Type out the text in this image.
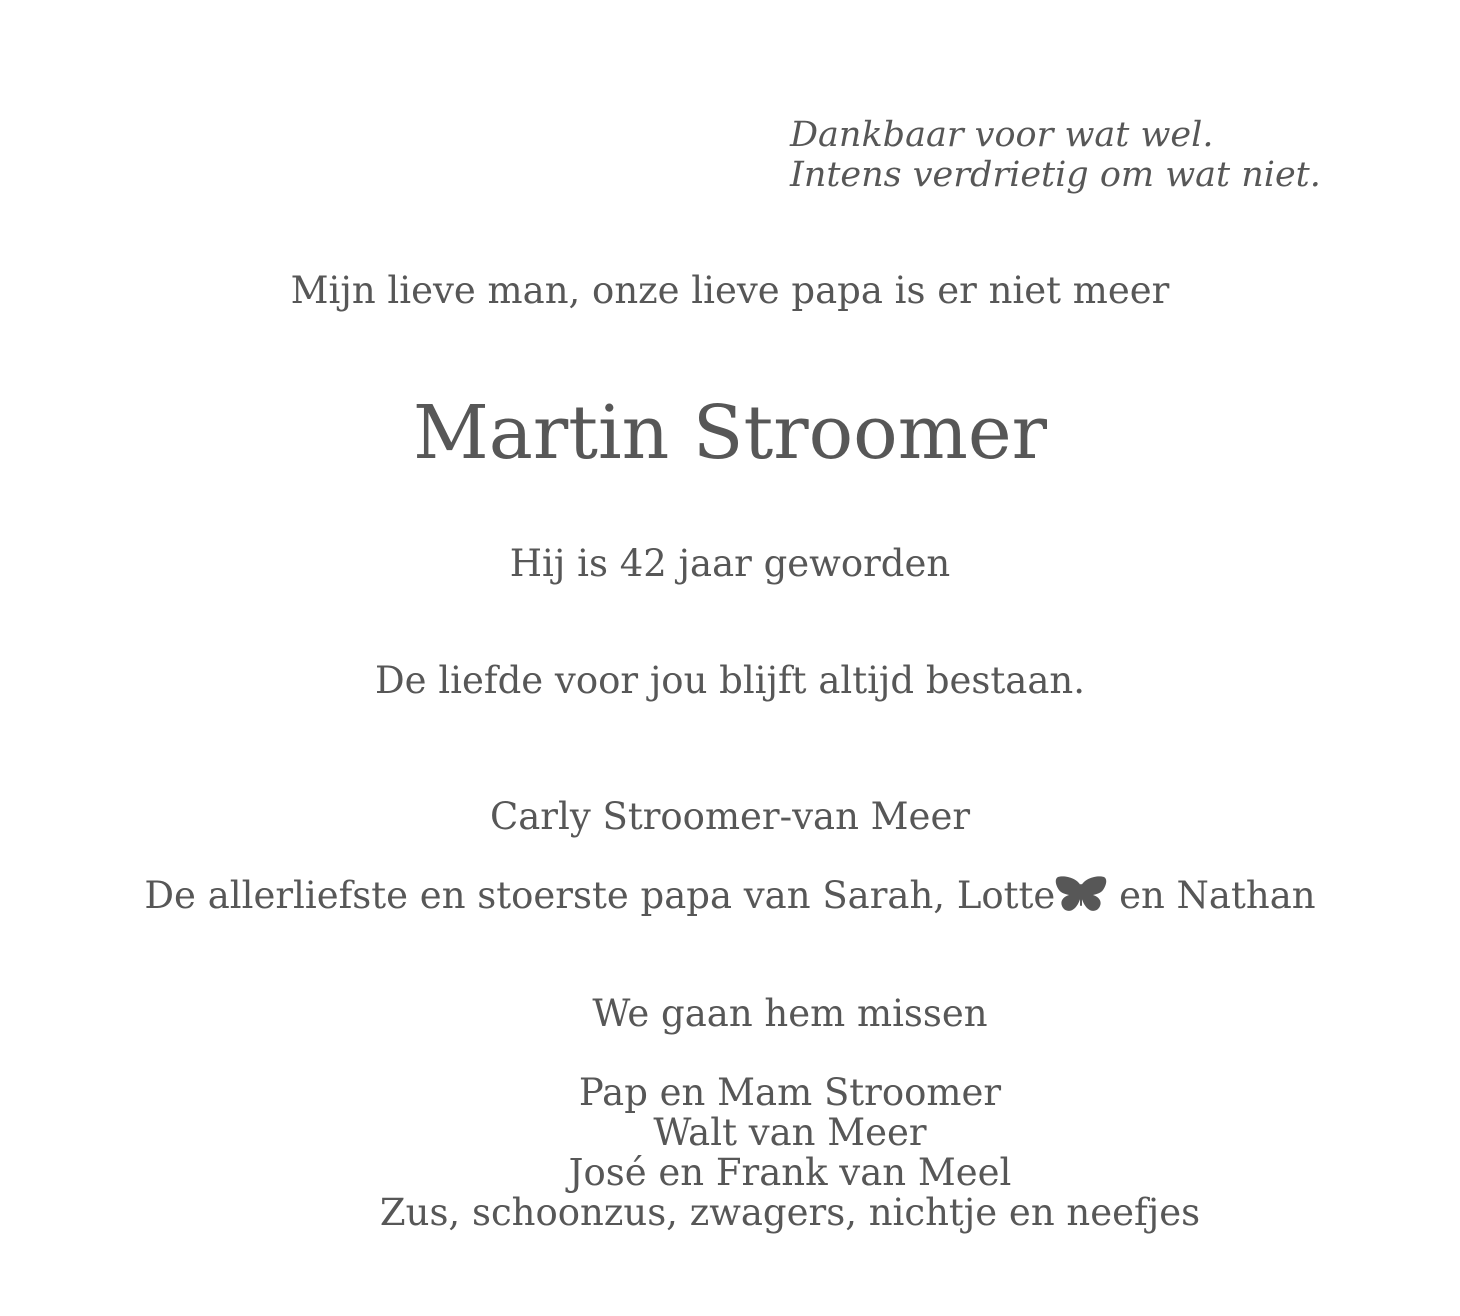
Dankbaar voor wat wel.
Intens verdrietig om wat niet.
Mijn lieve man, onze lieve papa is er niet meer
Martin Stroomer
Hij is 42 jaar geworden
De liefde voor jou blijft altijd bestaan.
Carly Stroomer-van Meer
De allerliefste en stoerste papa van Sarah, Lotte en Nathan
We gaan hem missen
Pap en Mam Stroomer
Walt van Meer
José en Frank van Meel
Zus, schoonzus, zwagers, nichtje en neefjes
